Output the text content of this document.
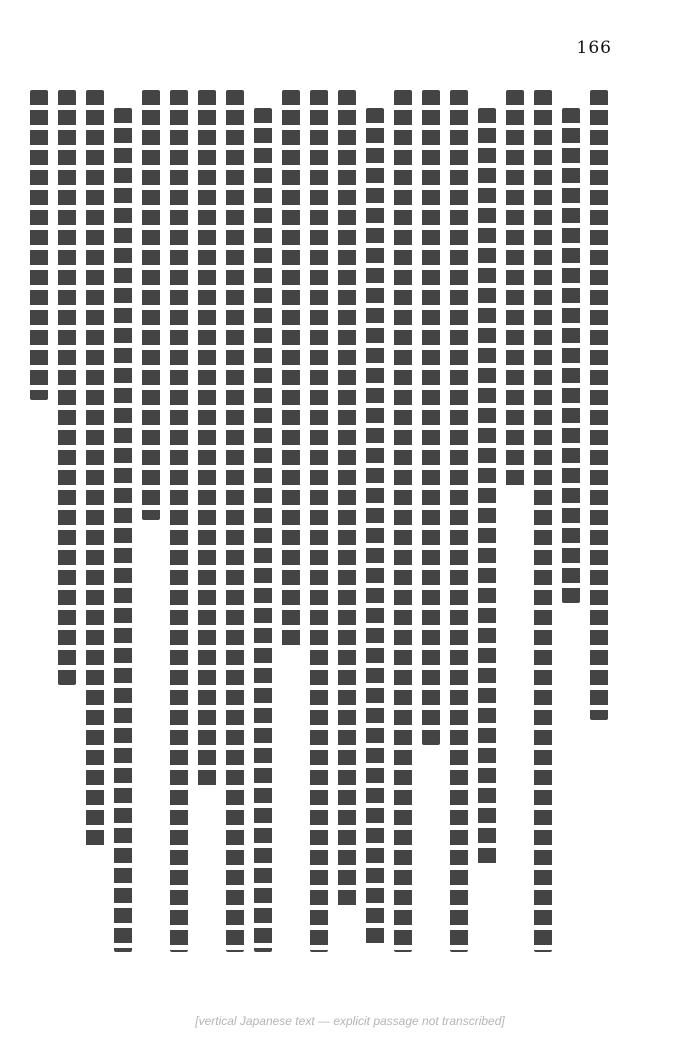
166
[vertical Japanese text — explicit passage not transcribed]
